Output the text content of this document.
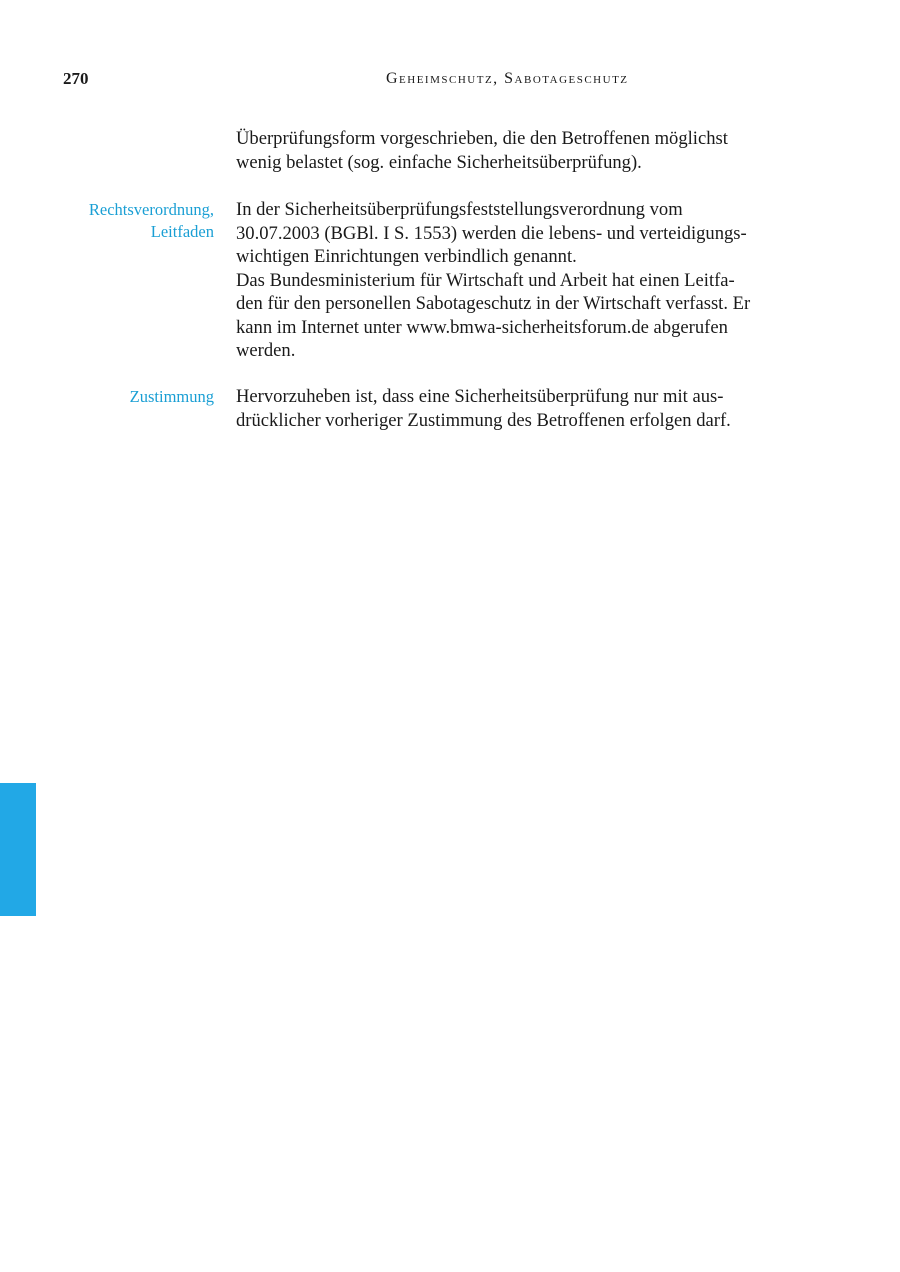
270	Geheimschutz, Sabotageschutz
Überprüfungsform vorgeschrieben, die den Betroffenen möglichst
wenig belastet (sog. einfache Sicherheitsüberprüfung).
Rechtsverordnung,
Leitfaden
In der Sicherheitsüberprüfungsfeststellungsverordnung vom
30.07.2003 (BGBl. I S. 1553) werden die lebens- und verteidigungs-
wichtigen Einrichtungen verbindlich genannt.
Das Bundesministerium für Wirtschaft und Arbeit hat einen Leitfa-
den für den personellen Sabotageschutz in der Wirtschaft verfasst. Er
kann im Internet unter www.bmwa-sicherheitsforum.de abgerufen
werden.
Zustimmung Hervorzuheben ist, dass eine Sicherheitsüberprüfung nur mit aus-
drücklicher vorheriger Zustimmung des Betroffenen erfolgen darf.
